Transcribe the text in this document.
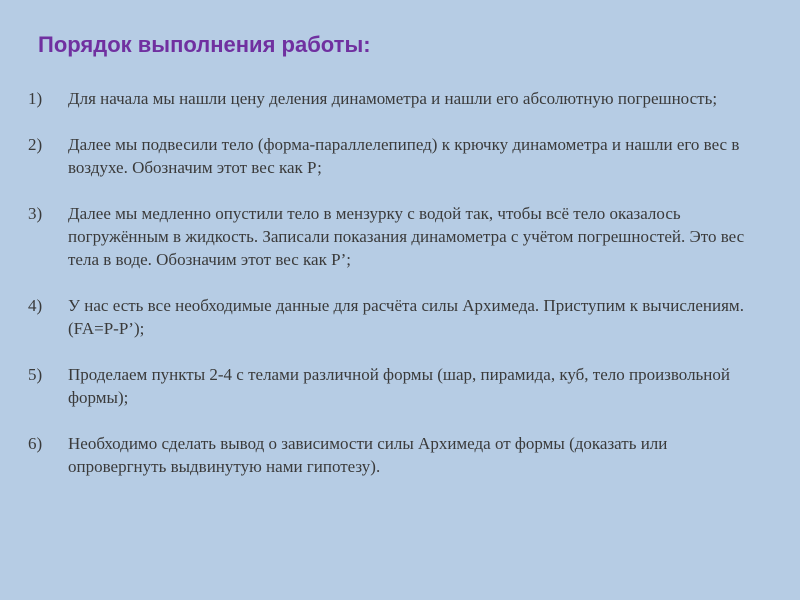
Порядок выполнения работы:
1) Для начала мы нашли цену деления динамометра и нашли его абсолютную погрешность;
2) Далее мы подвесили тело (форма-параллелепипед) к крючку динамометра и нашли его вес в воздухе. Обозначим этот вес как Р;
3) Далее мы медленно опустили тело в мензурку с водой так, чтобы всё тело оказалось погружённым в жидкость. Записали показания динамометра с учётом погрешностей. Это вес тела в воде. Обозначим этот вес как Р’;
4) У нас есть все необходимые данные для расчёта силы Архимеда. Приступим к вычислениям. (FA=P-P’);
5) Проделаем пункты 2-4 с телами различной формы (шар, пирамида, куб, тело произвольной формы);
6) Необходимо сделать вывод о зависимости силы Архимеда от формы (доказать или опровергнуть выдвинутую нами гипотезу).
